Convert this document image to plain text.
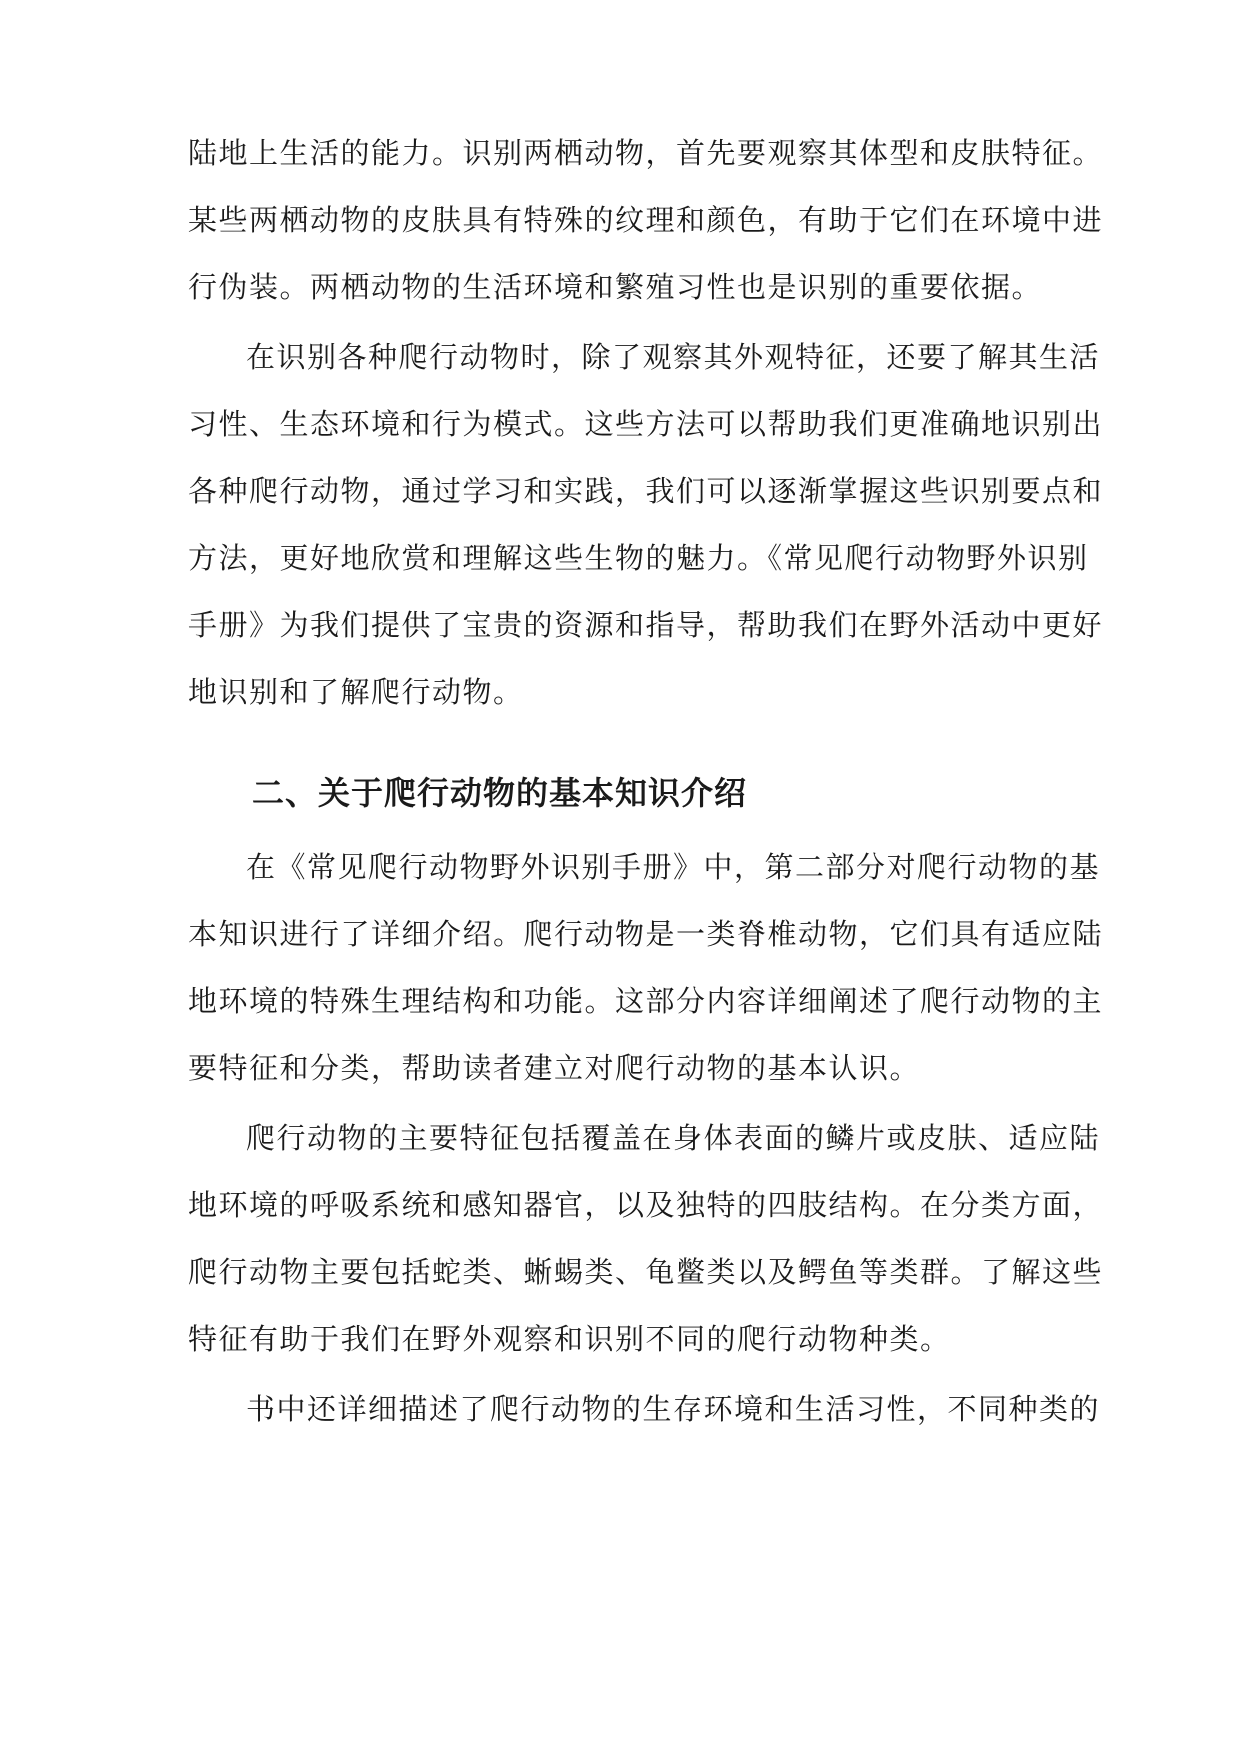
陆地上生活的能力。识别两栖动物，首先要观察其体型和皮肤特征。
某些两栖动物的皮肤具有特殊的纹理和颜色，有助于它们在环境中进
行伪装。两栖动物的生活环境和繁殖习性也是识别的重要依据。
在识别各种爬行动物时，除了观察其外观特征，还要了解其生活
习性、生态环境和行为模式。这些方法可以帮助我们更准确地识别出
各种爬行动物，通过学习和实践，我们可以逐渐掌握这些识别要点和
方法，更好地欣赏和理解这些生物的魅力。《常见爬行动物野外识别
手册》为我们提供了宝贵的资源和指导，帮助我们在野外活动中更好
地识别和了解爬行动物。
二、关于爬行动物的基本知识介绍
在《常见爬行动物野外识别手册》中，第二部分对爬行动物的基
本知识进行了详细介绍。爬行动物是一类脊椎动物，它们具有适应陆
地环境的特殊生理结构和功能。这部分内容详细阐述了爬行动物的主
要特征和分类，帮助读者建立对爬行动物的基本认识。
爬行动物的主要特征包括覆盖在身体表面的鳞片或皮肤、适应陆
地环境的呼吸系统和感知器官，以及独特的四肢结构。在分类方面，
爬行动物主要包括蛇类、蜥蜴类、龟鳖类以及鳄鱼等类群。了解这些
特征有助于我们在野外观察和识别不同的爬行动物种类。
书中还详细描述了爬行动物的生存环境和生活习性，不同种类的
